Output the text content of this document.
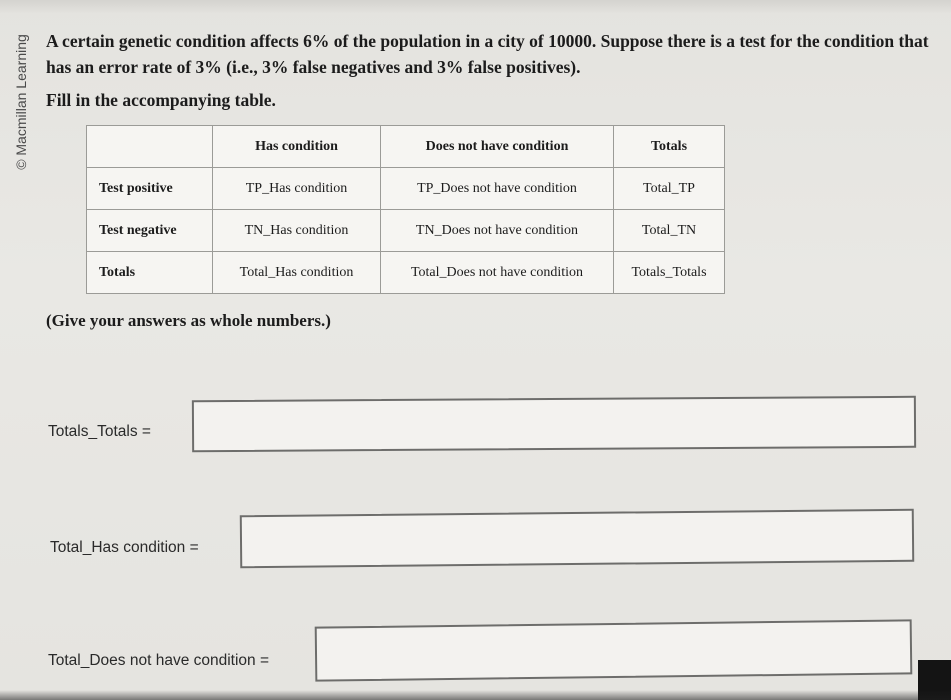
© Macmillan Learning A certain genetic condition affects 6% of the population in a city of 10000. Suppose there is a test for the condition that has an error rate of 3% (i.e., 3% false negatives and 3% false positives).
Fill in the accompanying table.
	Has condition	Does not have condition	Totals
Test positive	TP_Has condition	TP_Does not have condition	Total_TP
Test negative	TN_Has condition	TN_Does not have condition	Total_TN
Totals	Total_Has condition	Total_Does not have condition	Totals_Totals
(Give your answers as whole numbers.)
Totals_Totals =
Total_Has condition =
Total_Does not have condition =
